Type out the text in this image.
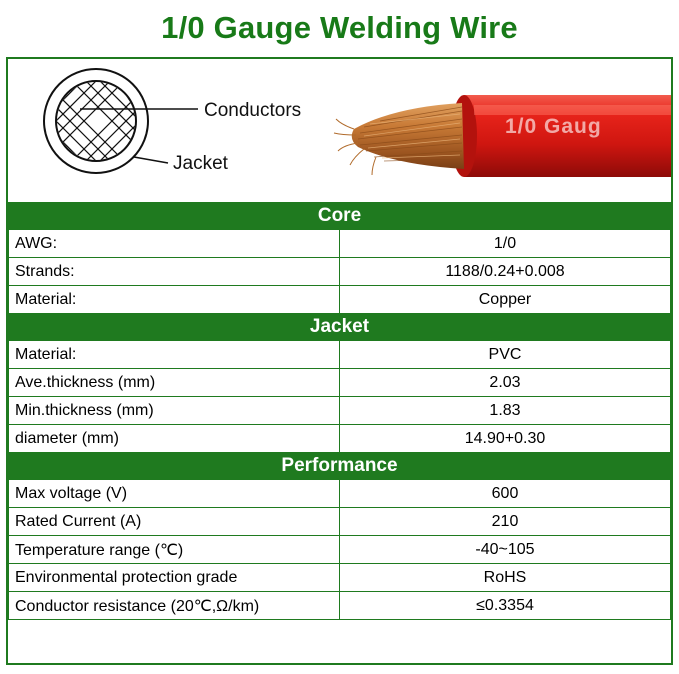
1/0 Gauge Welding Wire
Conductors
Jacket
1/0 Gaug
Core	
AWG:	1/0
Strands:	1188/0.24+0.008
Material:	Copper
Jacket	
Material:	PVC
Ave.thickness (mm)	2.03
Min.thickness (mm)	1.83
diameter (mm)	14.90+0.30
Performance	
Max voltage (V)	600
Rated Current (A)	210
Temperature range (℃)	-40~105
Environmental protection grade	RoHS
Conductor resistance (20℃,Ω/km)	≤0.3354
